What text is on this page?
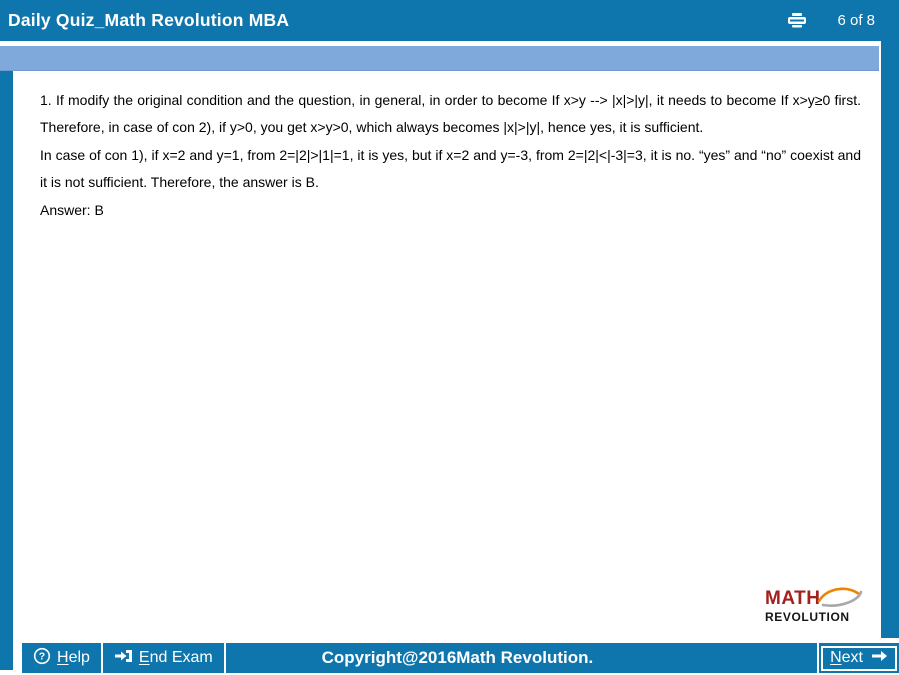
Daily Quiz_Math Revolution MBA	6 of 8

1. If modify the original condition and the question, in general, in order to become If x>y --> |x|>|y|, it needs to become If x>y≥0 first. Therefore, in case of con 2), if y>0, you get x>y>0, which always becomes |x|>|y|, hence yes, it is sufficient.

In case of con 1), if x=2 and y=1, from 2=|2|>|1|=1, it is yes, but if x=2 and y=-3, from 2=|2|<|-3|=3, it is no. “yes” and “no” coexist and it is not sufficient. Therefore, the answer is B.

Answer: B

MATH
REVOLUTION
? Help	End Exam	Copyright@2016Math Revolution.	Next
